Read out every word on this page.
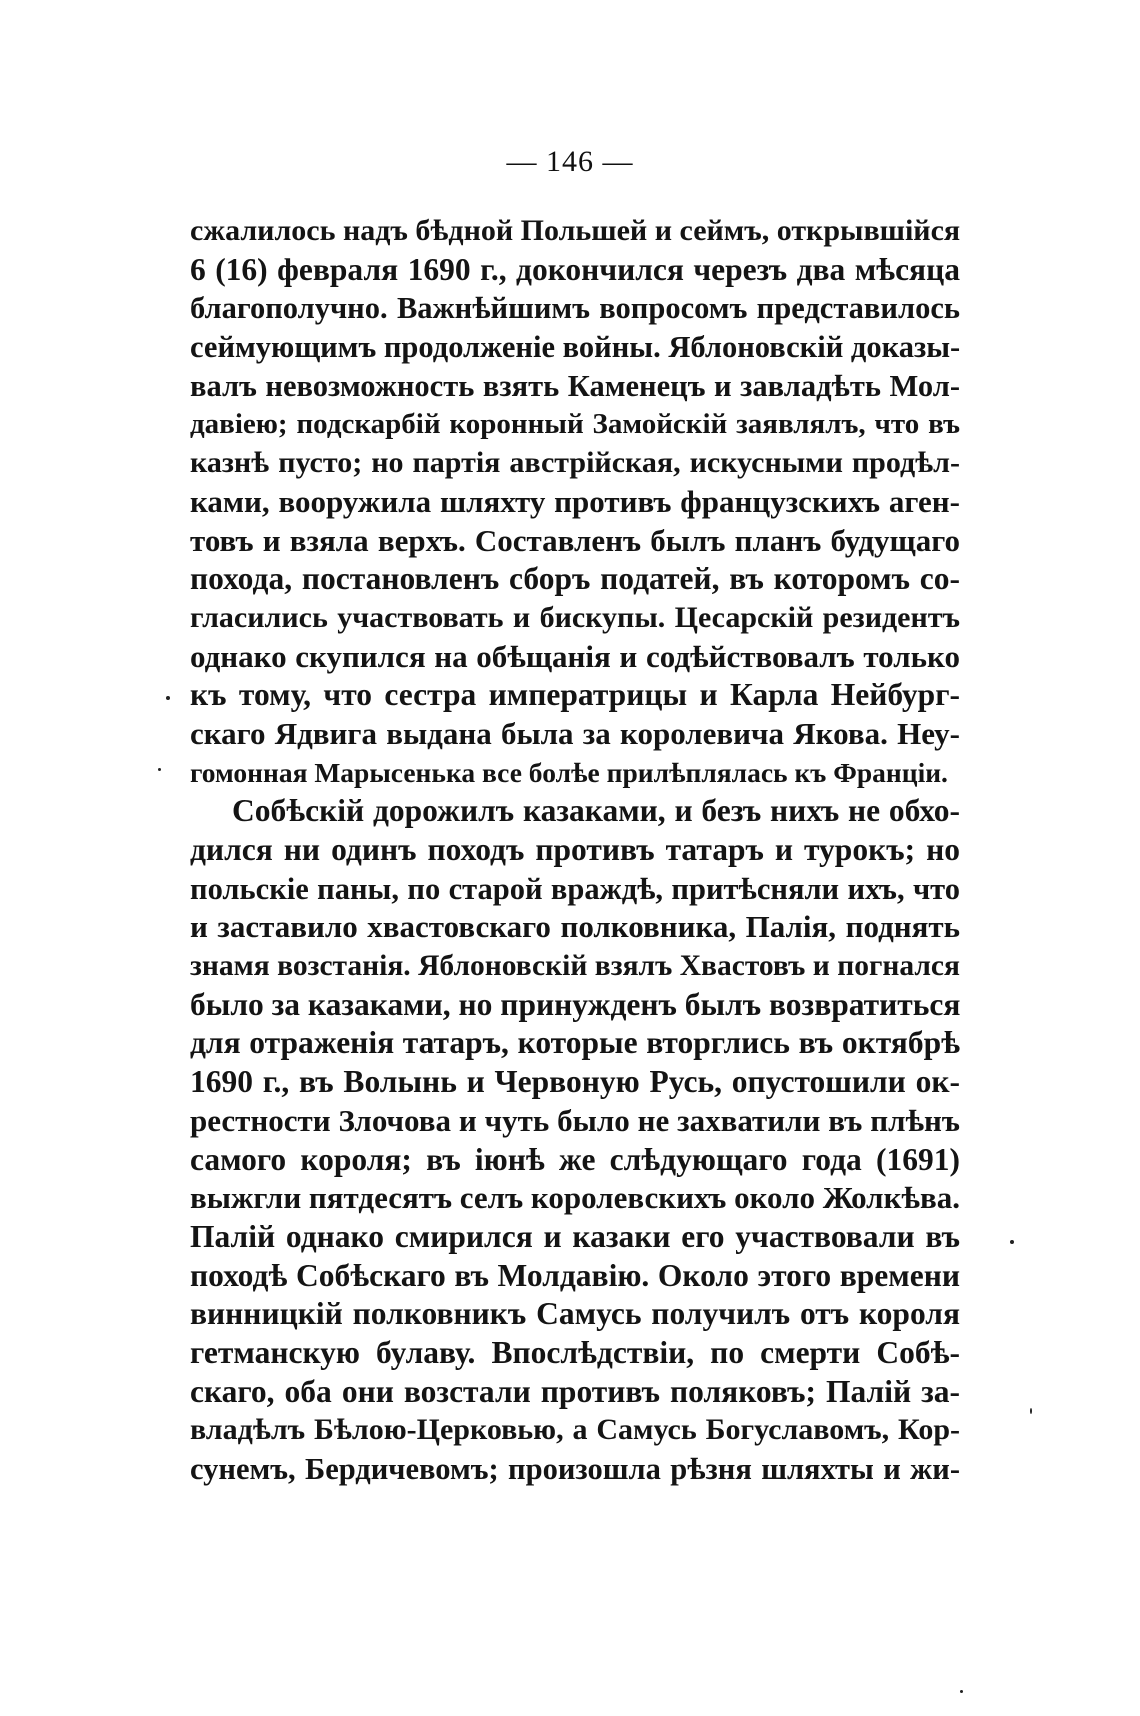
— 146 —
сжалилось надъ бѣдной Польшей и сеймъ, открывшійся
6 (16) февраля 1690 г., докончился черезъ два мѣсяца
благополучно. Важнѣйшимъ вопросомъ представилось
сеймующимъ продолженіе войны. Яблоновскій доказы-
валъ невозможность взять Каменецъ и завладѣть Мол-
давіею; подскарбій коронный Замойскій заявлялъ, что въ
казнѣ пусто; но партія австрійская, искусными продѣл-
ками, вооружила шляхту противъ французскихъ аген-
товъ и взяла верхъ. Составленъ былъ планъ будущаго
похода, постановленъ сборъ податей, въ которомъ со-
гласились участвовать и бискупы. Цесарскій резидентъ
однако скупился на обѣщанія и содѣйствовалъ только
къ тому, что сестра императрицы и Карла Нейбург-
скаго Ядвига выдана была за королевича Якова. Неу-
гомонная Марысенька все болѣе прилѣплялась къ Франціи.
Собѣскій дорожилъ казаками, и безъ нихъ не обхо-
дился ни одинъ походъ противъ татаръ и турокъ; но
польскіе паны, по старой враждѣ, притѣсняли ихъ, что
и заставило хвастовскаго полковника, Палія, поднять
знамя возстанія. Яблоновскій взялъ Хвастовъ и погнался
было за казаками, но принужденъ былъ возвратиться
для отраженія татаръ, которые вторглись въ октябрѣ
1690 г., въ Волынь и Червоную Русь, опустошили ок-
рестности Злочова и чуть было не захватили въ плѣнъ
самого короля; въ іюнѣ же слѣдующаго года (1691)
выжгли пятдесятъ селъ королевскихъ около Жолкѣва.
Палій однако смирился и казаки его участвовали въ
походѣ Собѣскаго въ Молдавію. Около этого времени
винницкій полковникъ Самусь получилъ отъ короля
гетманскую булаву. Впослѣдствіи, по смерти Собѣ-
скаго, оба они возстали противъ поляковъ; Палій за-
владѣлъ Бѣлою-Церковью, а Самусь Богуславомъ, Кор-
сунемъ, Бердичевомъ; произошла рѣзня шляхты и жи-
